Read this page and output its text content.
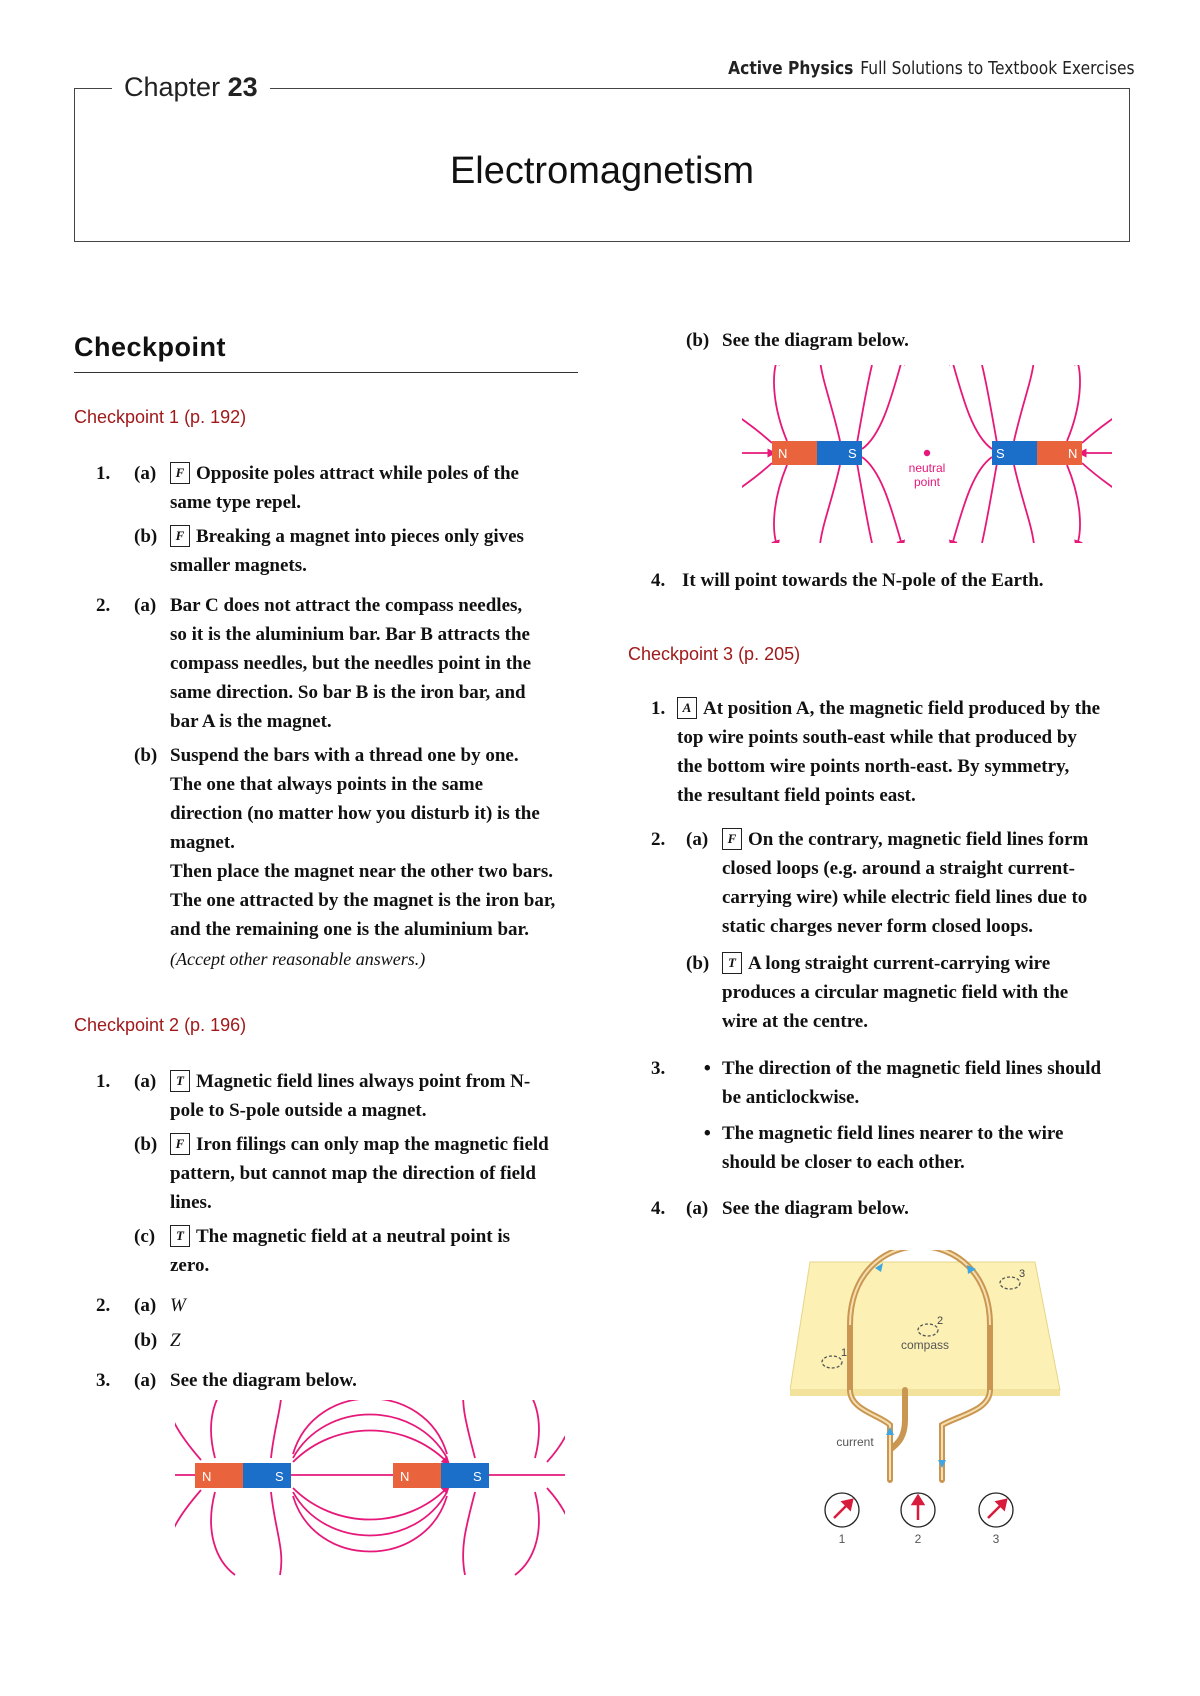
Active Physics Full Solutions to Textbook Exercises
Chapter 23
Electromagnetism
Checkpoint
Checkpoint 1 (p. 192)
1. (a)	F Opposite poles attract while poles of the
same type repel.
(b)	F Breaking a magnet into pieces only gives
smaller magnets.
2. (a) Bar C does not attract the compass needles,
so it is the aluminium bar. Bar B attracts the
compass needles, but the needles point in the
same direction. So bar B is the iron bar, and
bar A is the magnet.
(b) Suspend the bars with a thread one by one.
The one that always points in the same
direction (no matter how you disturb it) is the
magnet.
Then place the magnet near the other two bars.
The one attracted by the magnet is the iron bar,
and the remaining one is the aluminium bar.
(Accept other reasonable answers.)
Checkpoint 2 (p. 196)
1. (a)	T Magnetic field lines always point from N-
pole to S-pole outside a magnet.
(b)	F Iron filings can only map the magnetic field
pattern, but cannot map the direction of field
lines.
(c)	T The magnetic field at a neutral point is
zero.
2. (a) W
(b) Z
3. (a) See the diagram below.
N	S	N	S
(b) See the diagram below.
N	S	S	N
neutral
point
4. It will point towards the N-pole of the Earth.
Checkpoint 3 (p. 205)
1.	A At position A, the magnetic field produced by the
top wire points south-east while that produced by
the bottom wire points north-east. By symmetry,
the resultant field points east.
2. (a)	F On the contrary, magnetic field lines form
closed loops (e.g. around a straight current-
carrying wire) while electric field lines due to
static charges never form closed loops.
(b)	T A long straight current-carrying wire
produces a circular magnetic field with the
wire at the centre.
3. • The direction of the magnetic field lines should
be anticlockwise.
• The magnetic field lines nearer to the wire
should be closer to each other.
4. (a) See the diagram below.
1
2
3
compass
current
1	2	3
